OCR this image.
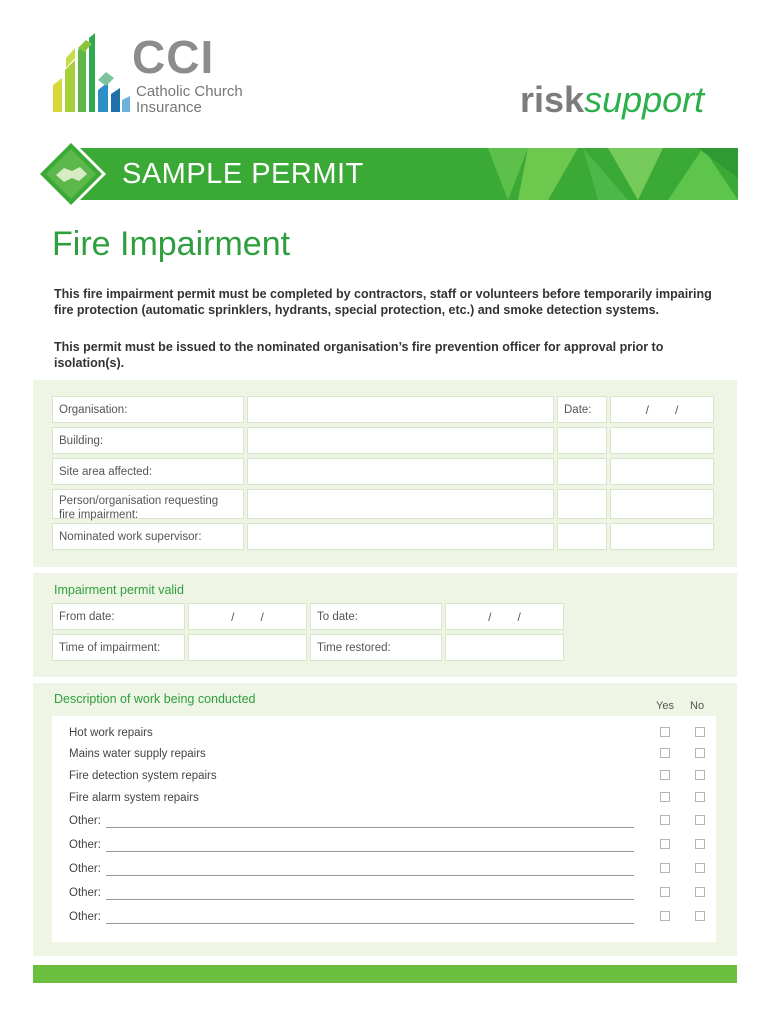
CCI
Catholic Church
Insurance	risksupport
SAMPLE PERMIT
Fire Impairment
This fire impairment permit must be completed by contractors, staff or volunteers before temporarily impairing fire protection (automatic sprinklers, hydrants, special protection, etc.) and smoke detection systems.
This permit must be issued to the nominated organisation’s fire prevention officer for approval prior to isolation(s).
Organisation:	Date:	/ /
Building:
Site area affected:
Person/organisation requesting fire impairment:
Nominated work supervisor:
Impairment permit valid
From date:	/ /	To date:	/ /
Time of impairment:	Time restored:
Description of work being conducted	Yes No
Hot work repairs
Mains water supply repairs
Fire detection system repairs
Fire alarm system repairs
Other:
Other:
Other:
Other:
Other:
